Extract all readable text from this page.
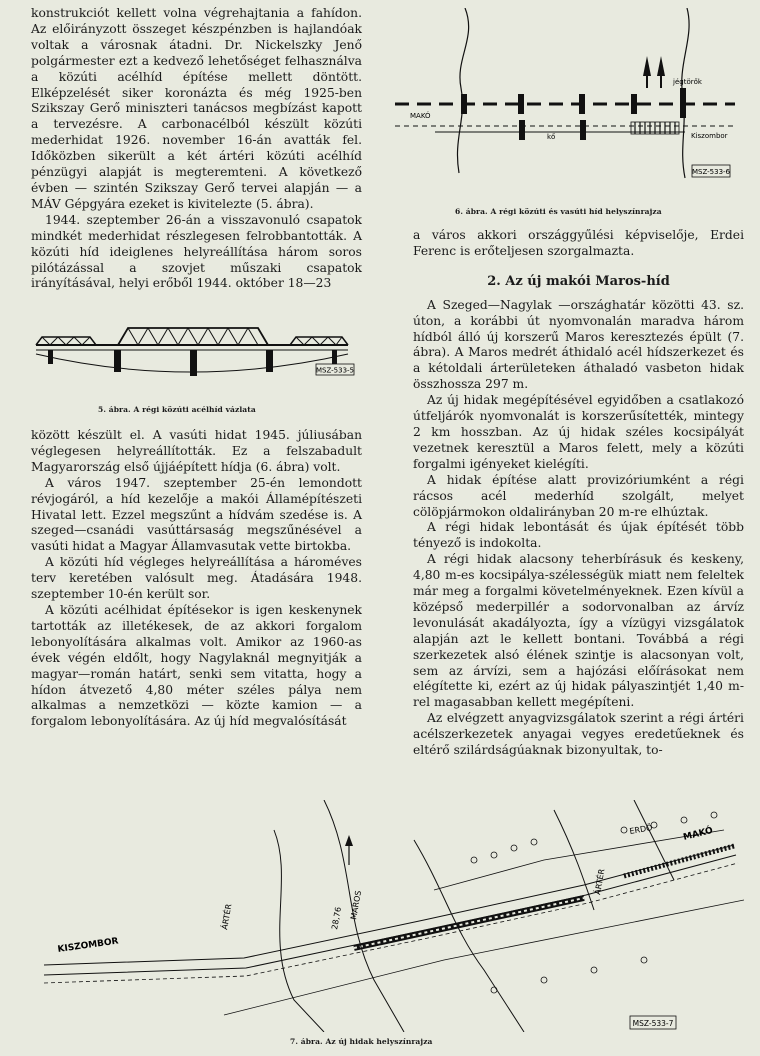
konstrukciót kellett volna végrehajtania a fahídon. Az előirányzott összeget készpénzben is hajlandóak voltak a városnak átadni. Dr. Nickelszky Jenő polgármester ezt a kedvező lehetőséget felhasználva a közúti acélhíd építése mellett döntött. Elképzelését siker koronázta és még 1925-ben Szikszay Gerő miniszteri tanácsos megbízást kapott a tervezésre. A carbonacélból készült közúti mederhidat 1926. november 16-án avatták fel. Időközben sikerült a két ártéri közúti acélhíd pénzügyi alapját is megteremteni. A következő évben — szintén Szikszay Gerő tervei alapján — a MÁV Gépgyára ezeket is kivitelezte (5. ábra).

1944. szeptember 26-án a visszavonuló csapatok mindkét mederhidat részlegesen felrobbantották. A közúti híd ideiglenes helyreállítása három soros pilótázással a szovjet műszaki csapatok irányításával, helyi erőből 1944. október 18—23

MSZ-533-5
5. ábra. A régi közúti acélhíd vázlata

között készült el. A vasúti hidat 1945. júliusában véglegesen helyreállították. Ez a felszabadult Magyarország első újjáépített hídja (6. ábra) volt.

A város 1947. szeptember 25-én lemondott révjogáról, a híd kezelője a makói Államépítészeti Hivatal lett. Ezzel megszűnt a hídvám szedése is. A szeged—csanádi vasúttársaság megszűnésével a vasúti hidat a Magyar Államvasutak vette birtokba.

A közúti híd végleges helyreállítása a hároméves terv keretében valósult meg. Átadására 1948. szeptember 10-én került sor.

A közúti acélhidat építésekor is igen keskenynek tartották az illetékesek, de az akkori forgalom lebonyolítására alkalmas volt. Amikor az 1960-as évek végén eldőlt, hogy Nagylaknál megnyitják a magyar—román határt, senki sem vitatta, hogy a hídon átvezető 4,80 méter széles pálya nem alkalmas a nemzetközi — közte kamion — a forgalom lebonyolítására. Az új híd megvalósítását

jégtörők
MAKÓ
kő	Kiszombor
MSZ-533-6
6. ábra. A régi közúti és vasúti híd helyszínrajza

a város akkori országgyűlési képviselője, Erdei Ferenc is erőteljesen szorgalmazta.

2. Az új makói Maros-híd

A Szeged—Nagylak —országhatár közötti 43. sz. úton, a korábbi út nyomvonalán maradva három hídból álló új korszerű Maros keresztezés épült (7. ábra). A Maros medrét áthidaló acél hídszerkezet és a kétoldali árterületeken áthaladó vasbeton hidak összhossza 297 m.

Az új hidak megépítésével egyidőben a csatlakozó útfeljárók nyomvonalát is korszerűsítették, mintegy 2 km hosszban. Az új hidak széles kocsipályát vezetnek keresztül a Maros felett, mely a közúti forgalmi igényeket kielégíti.

A hidak építése alatt provizóriumként a régi rácsos acél mederhíd szolgált, melyet cölöpjármokon oldalirányban 20 m-re elhúztak.

A régi hidak lebontását és újak építését több tényező is indokolta.

A régi hidak alacsony teherbírásuk és keskeny, 4,80 m-es kocsipálya-szélességük miatt nem feleltek már meg a forgalmi követelményeknek. Ezen kívül a középső mederpillér a sodorvonalban az árvíz levonulását akadályozta, így a vízügyi vizsgálatok alapján azt le kellett bontani. Továbbá a régi szerkezetek alsó élének szintje is alacsonyan volt, sem az árvízi, sem a hajózási előírásokat nem elégítette ki, ezért az új hidak pályaszintjét 1,40 m-rel magasabban kellett megépíteni.

Az elvégzett anyagvizsgálatok szerint a régi ártéri acélszerkezetek anyagai vegyes eredetűeknek és eltérő szilárdságúaknak bizonyultak, to-

KISZOMBOR
ÁRTÉR	MAROS
28,76
ÁRTÉR
ERDŐ	MAKÓ
MSZ-533-7
7. ábra. Az új hidak helyszínrajza
